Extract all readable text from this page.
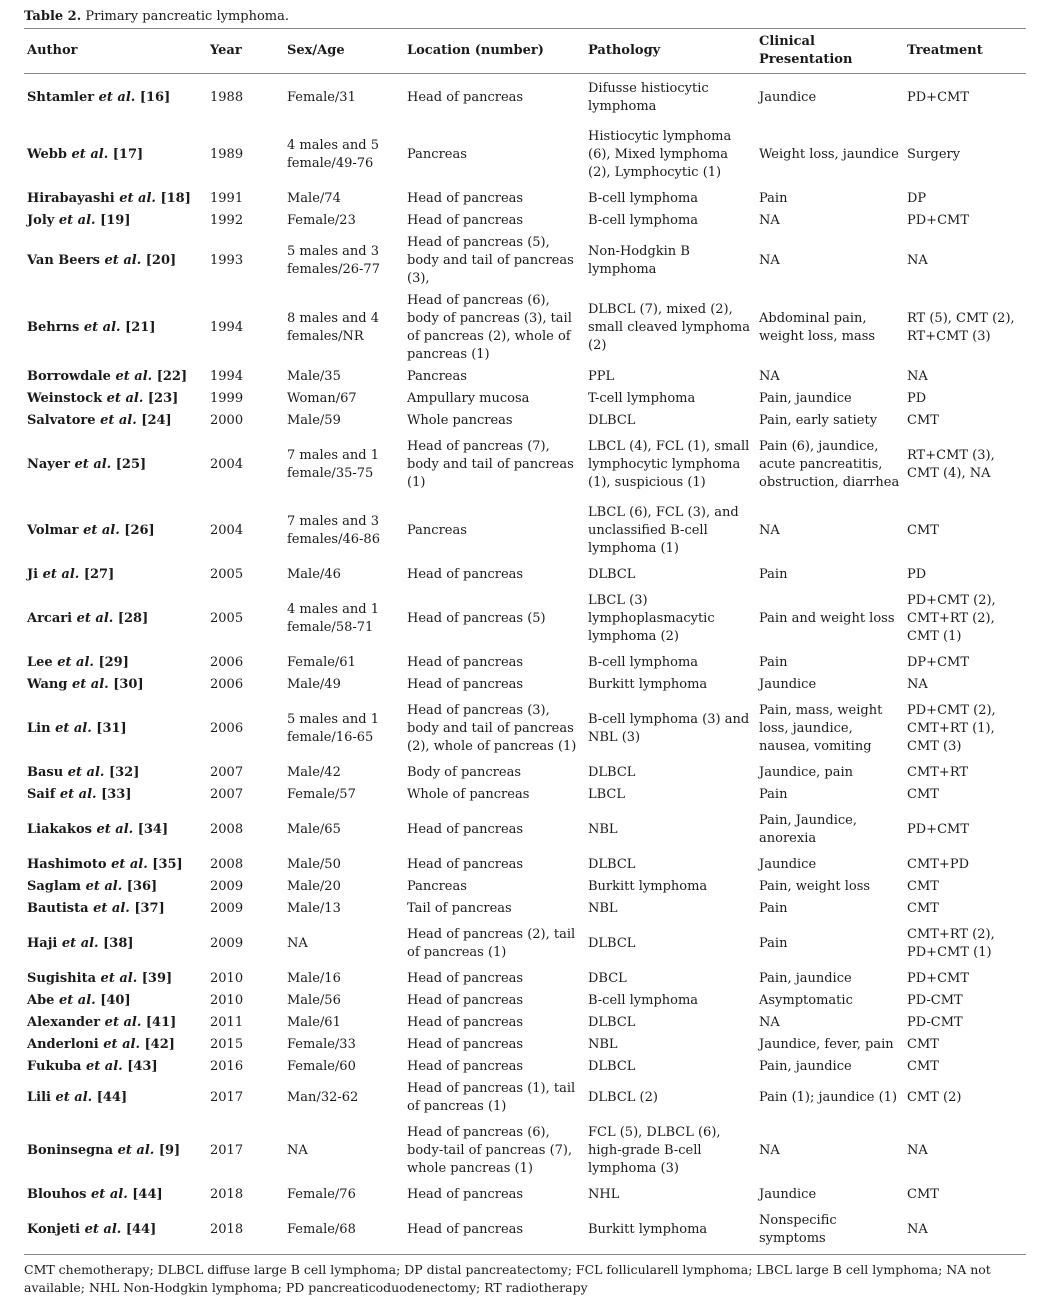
Table 2. Primary pancreatic lymphoma.

Author	Year	Sex/Age	Location (number)	Pathology	Clinical Presentation	Treatment
Shtamler et al. [16]	1988	Female/31	Head of pancreas	Difusse histiocytic lymphoma	Jaundice	PD+CMT
Webb et al. [17]	1989	4 males and 5 female/49-76	Pancreas	Histiocytic lymphoma (6), Mixed lymphoma (2), Lymphocytic (1)	Weight loss, jaundice	Surgery
Hirabayashi et al. [18]	1991	Male/74	Head of pancreas	B-cell lymphoma	Pain	DP
Joly et al. [19]	1992	Female/23	Head of pancreas	B-cell lymphoma	NA	PD+CMT
Van Beers et al. [20]	1993	5 males and 3 females/26-77	Head of pancreas (5), body and tail of pancreas (3),	Non-Hodgkin B lymphoma	NA	NA
Behrns et al. [21]	1994	8 males and 4 females/NR	Head of pancreas (6), body of pancreas (3), tail of pancreas (2), whole of pancreas (1)	DLBCL (7), mixed (2), small cleaved lymphoma (2)	Abdominal pain, weight loss, mass	RT (5), CMT (2), RT+CMT (3)
Borrowdale et al. [22]	1994	Male/35	Pancreas	PPL	NA	NA
Weinstock et al. [23]	1999	Woman/67	Ampullary mucosa	T-cell lymphoma	Pain, jaundice	PD
Salvatore et al. [24]	2000	Male/59	Whole pancreas	DLBCL	Pain, early satiety	CMT
Nayer et al. [25]	2004	7 males and 1 female/35-75	Head of pancreas (7), body and tail of pancreas (1)	LBCL (4), FCL (1), small lymphocytic lymphoma (1), suspicious (1)	Pain (6), jaundice, acute pancreatitis, obstruction, diarrhea	RT+CMT (3), CMT (4), NA
Volmar et al. [26]	2004	7 males and 3 females/46-86	Pancreas	LBCL (6), FCL (3), and unclassified B-cell lymphoma (1)	NA	CMT
Ji et al. [27]	2005	Male/46	Head of pancreas	DLBCL	Pain	PD
Arcari et al. [28]	2005	4 males and 1 female/58-71	Head of pancreas (5)	LBCL (3) lymphoplasmacytic lymphoma (2)	Pain and weight loss	PD+CMT (2), CMT+RT (2), CMT (1)
Lee et al. [29]	2006	Female/61	Head of pancreas	B-cell lymphoma	Pain	DP+CMT
Wang et al. [30]	2006	Male/49	Head of pancreas	Burkitt lymphoma	Jaundice	NA
Lin et al. [31]	2006	5 males and 1 female/16-65	Head of pancreas (3), body and tail of pancreas (2), whole of pancreas (1)	B-cell lymphoma (3) and NBL (3)	Pain, mass, weight loss, jaundice, nausea, vomiting	PD+CMT (2), CMT+RT (1), CMT (3)
Basu et al. [32]	2007	Male/42	Body of pancreas	DLBCL	Jaundice, pain	CMT+RT
Saif et al. [33]	2007	Female/57	Whole of pancreas	LBCL	Pain	CMT
Liakakos et al. [34]	2008	Male/65	Head of pancreas	NBL	Pain, Jaundice, anorexia	PD+CMT
Hashimoto et al. [35]	2008	Male/50	Head of pancreas	DLBCL	Jaundice	CMT+PD
Saglam et al. [36]	2009	Male/20	Pancreas	Burkitt lymphoma	Pain, weight loss	CMT
Bautista et al. [37]	2009	Male/13	Tail of pancreas	NBL	Pain	CMT
Haji et al. [38]	2009	NA	Head of pancreas (2), tail of pancreas (1)	DLBCL	Pain	CMT+RT (2), PD+CMT (1)
Sugishita et al. [39]	2010	Male/16	Head of pancreas	DBCL	Pain, jaundice	PD+CMT
Abe et al. [40]	2010	Male/56	Head of pancreas	B-cell lymphoma	Asymptomatic	PD-CMT
Alexander et al. [41]	2011	Male/61	Head of pancreas	DLBCL	NA	PD-CMT
Anderloni et al. [42]	2015	Female/33	Head of pancreas	NBL	Jaundice, fever, pain	CMT
Fukuba et al. [43]	2016	Female/60	Head of pancreas	DLBCL	Pain, jaundice	CMT
Lili et al. [44]	2017	Man/32-62	Head of pancreas (1), tail of pancreas (1)	DLBCL (2)	Pain (1); jaundice (1)	CMT (2)
Boninsegna et al. [9]	2017	NA	Head of pancreas (6), body-tail of pancreas (7), whole pancreas (1)	FCL (5), DLBCL (6), high-grade B-cell lymphoma (3)	NA	NA
Blouhos et al. [44]	2018	Female/76	Head of pancreas	NHL	Jaundice	CMT
Konjeti et al. [44]	2018	Female/68	Head of pancreas	Burkitt lymphoma	Nonspecific symptoms	NA
CMT chemotherapy; DLBCL diffuse large B cell lymphoma; DP distal pancreatectomy; FCL follicularell lymphoma; LBCL large B cell lymphoma; NA not available; NHL Non-Hodgkin lymphoma; PD pancreaticoduodenectomy; RT radiotherapy
